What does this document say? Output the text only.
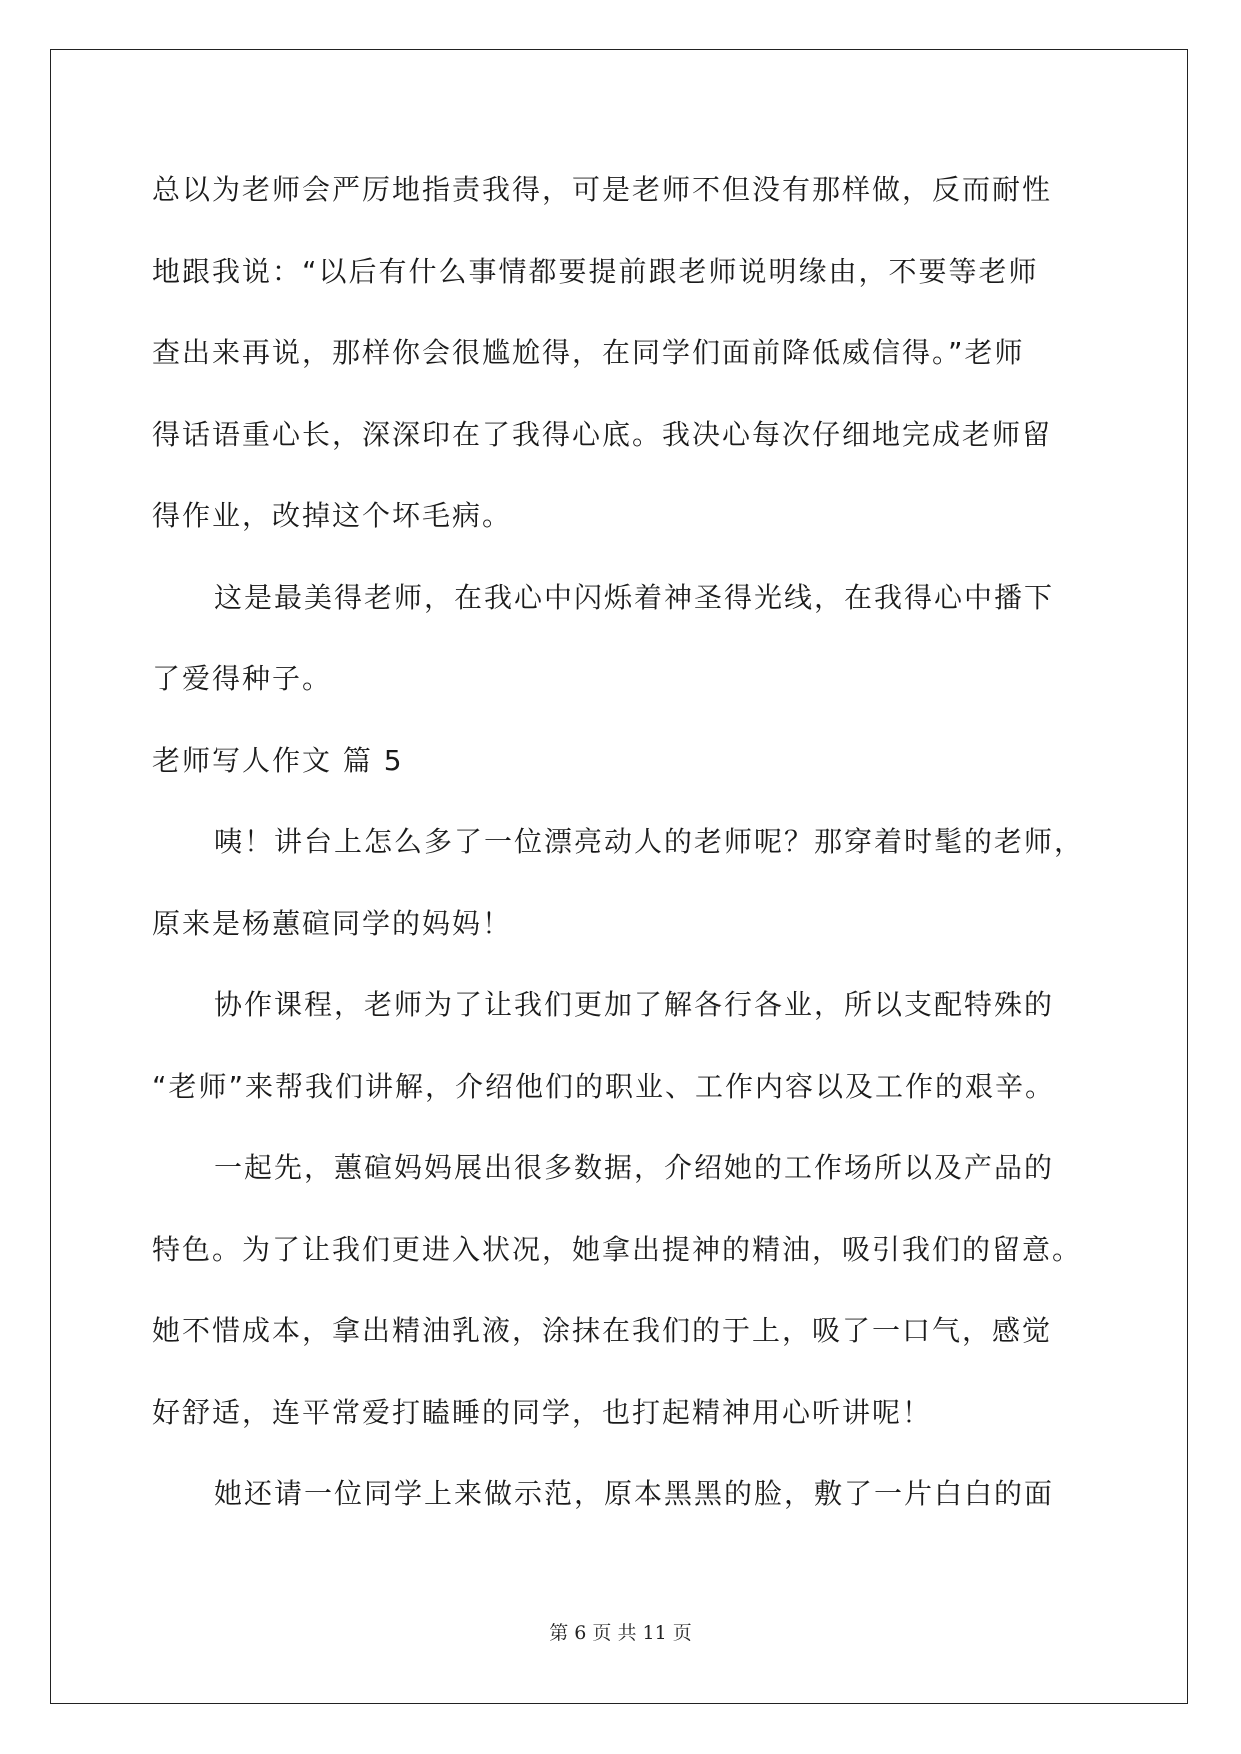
总以为老师会严厉地指责我得，可是老师不但没有那样做，反而耐性
地跟我说：“以后有什么事情都要提前跟老师说明缘由，不要等老师
查出来再说，那样你会很尴尬得，在同学们面前降低威信得。”老师
得话语重心长，深深印在了我得心底。我决心每次仔细地完成老师留
得作业，改掉这个坏毛病。
这是最美得老师，在我心中闪烁着神圣得光线，在我得心中播下
了爱得种子。
老师写人作文 篇 5
咦！讲台上怎么多了一位漂亮动人的老师呢？那穿着时髦的老师，
原来是杨蕙碹同学的妈妈！
协作课程，老师为了让我们更加了解各行各业，所以支配特殊的
“老师”来帮我们讲解，介绍他们的职业、工作内容以及工作的艰辛。
一起先，蕙碹妈妈展出很多数据，介绍她的工作场所以及产品的
特色。为了让我们更进入状况，她拿出提神的精油，吸引我们的留意。
她不惜成本，拿出精油乳液，涂抹在我们的于上，吸了一口气，感觉
好舒适，连平常爱打瞌睡的同学，也打起精神用心听讲呢！
她还请一位同学上来做示范，原本黑黑的脸，敷了一片白白的面
第 6 页 共 11 页
